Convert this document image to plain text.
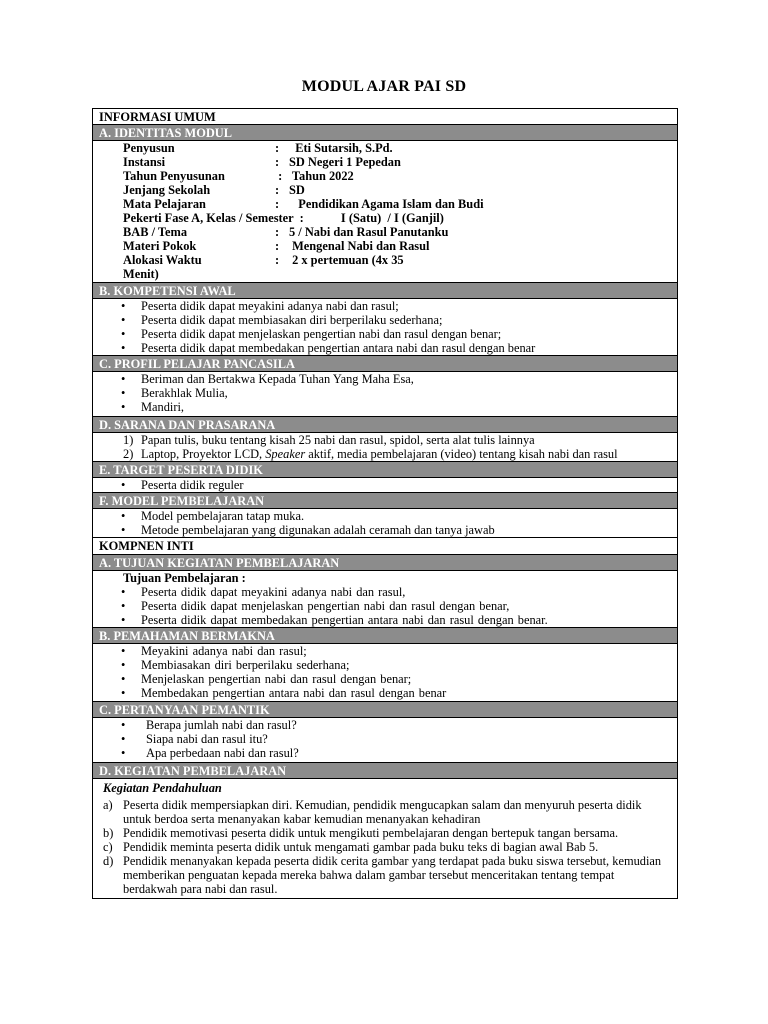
MODUL AJAR PAI SD
INFORMASI UMUM
A. IDENTITAS MODUL
Penyusun	: Eti Sutarsih, S.Pd.
Instansi	: SD Negeri 1 Pepedan
Tahun Penyusunan	: Tahun 2022
Jenjang Sekolah	: SD
Mata Pelajaran	: Pendidikan Agama Islam dan Budi
Pekerti Fase A, Kelas / Semester  :            I (Satu)  / I (Ganjil)
BAB / Tema	: 5 / Nabi dan Rasul Panutanku
Materi Pokok	: Mengenal Nabi dan Rasul
Alokasi Waktu	: 2 x pertemuan (4x 35
Menit)
B. KOMPETENSI AWAL
• Peserta didik dapat meyakini adanya nabi dan rasul;
• Peserta didik dapat membiasakan diri berperilaku sederhana;
• Peserta didik dapat menjelaskan pengertian nabi dan rasul dengan benar;
• Peserta didik dapat membedakan pengertian antara nabi dan rasul dengan benar
C. PROFIL PELAJAR PANCASILA
• Beriman dan Bertakwa Kepada Tuhan Yang Maha Esa,
• Berakhlak Mulia,
• Mandiri,
D. SARANA DAN PRASARANA
1) Papan tulis, buku tentang kisah 25 nabi dan rasul, spidol, serta alat tulis lainnya
2) Laptop, Proyektor LCD, Speaker aktif, media pembelajaran (video) tentang kisah nabi dan rasul
E. TARGET PESERTA DIDIK
• Peserta didik reguler
F. MODEL PEMBELAJARAN
• Model pembelajaran tatap muka.
• Metode pembelajaran yang digunakan adalah ceramah dan tanya jawab
KOMPNEN INTI
A. TUJUAN KEGIATAN PEMBELAJARAN
Tujuan Pembelajaran :
• Peserta didik dapat meyakini adanya nabi dan rasul,
• Peserta didik dapat menjelaskan pengertian nabi dan rasul dengan benar,
• Peserta didik dapat membedakan pengertian antara nabi dan rasul dengan benar.
B. PEMAHAMAN BERMAKNA
• Meyakini adanya nabi dan rasul;
• Membiasakan diri berperilaku sederhana;
• Menjelaskan pengertian nabi dan rasul dengan benar;
• Membedakan pengertian antara nabi dan rasul dengan benar
C. PERTANYAAN PEMANTIK
• Berapa jumlah nabi dan rasul?
• Siapa nabi dan rasul itu?
• Apa perbedaan nabi dan rasul?
D. KEGIATAN PEMBELAJARAN
Kegiatan Pendahuluan
a) Peserta didik mempersiapkan diri. Kemudian, pendidik mengucapkan salam dan menyuruh peserta didik untuk berdoa serta menanyakan kabar kemudian menanyakan kehadiran
b) Pendidik memotivasi peserta didik untuk mengikuti pembelajaran dengan bertepuk tangan bersama.
c) Pendidik meminta peserta didik untuk mengamati gambar pada buku teks di bagian awal Bab 5.
d) Pendidik menanyakan kepada peserta didik cerita gambar yang terdapat pada buku siswa tersebut, kemudian memberikan penguatan kepada mereka bahwa dalam gambar tersebut menceritakan tentang tempat berdakwah para nabi dan rasul.
